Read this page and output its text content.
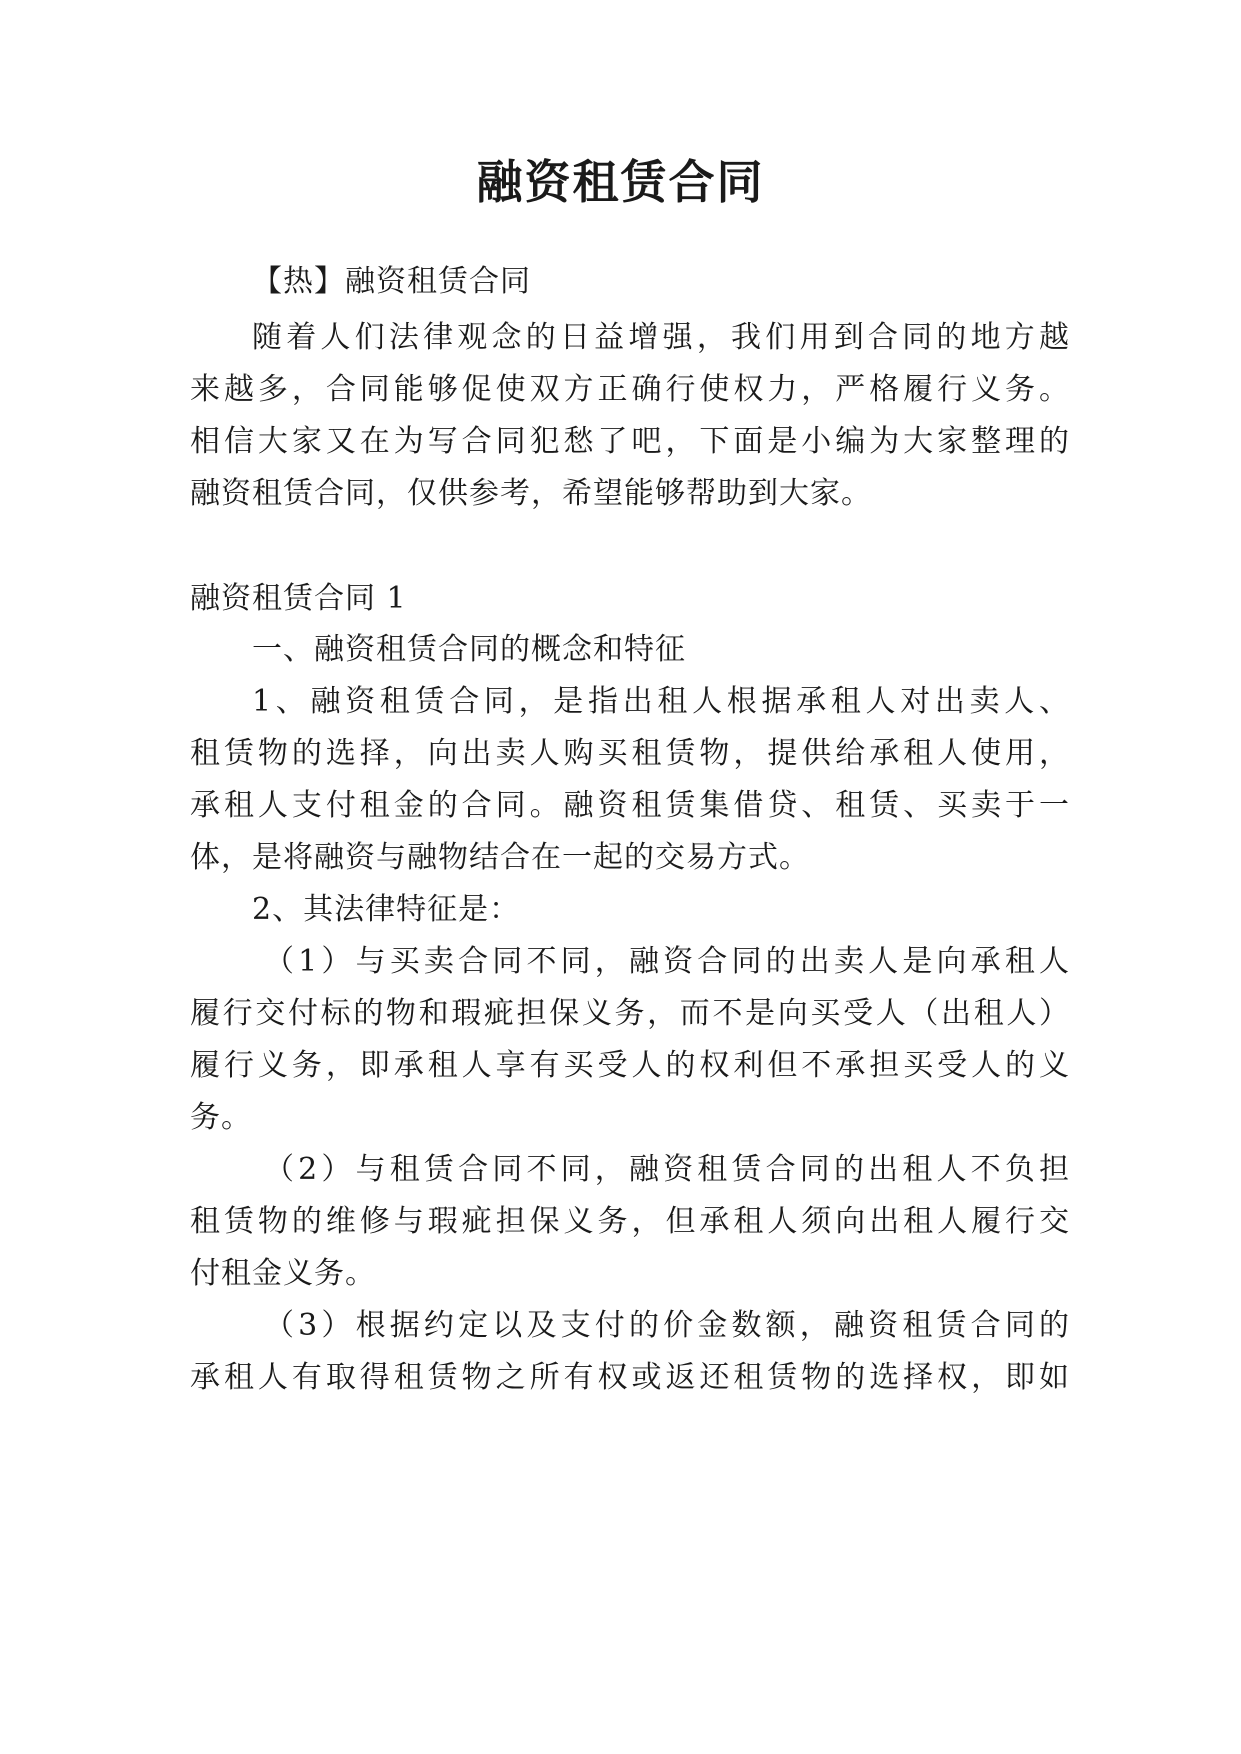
融资租赁合同
【热】融资租赁合同
随着人们法律观念的日益增强，我们用到合同的地方越
来越多，合同能够促使双方正确行使权力，严格履行义务。
相信大家又在为写合同犯愁了吧，下面是小编为大家整理的
融资租赁合同，仅供参考，希望能够帮助到大家。
融资租赁合同 1
一、融资租赁合同的概念和特征
1、融资租赁合同，是指出租人根据承租人对出卖人、
租赁物的选择，向出卖人购买租赁物，提供给承租人使用，
承租人支付租金的合同。融资租赁集借贷、租赁、买卖于一
体，是将融资与融物结合在一起的交易方式。
2、其法律特征是：
（1）与买卖合同不同，融资合同的出卖人是向承租人
履行交付标的物和瑕疵担保义务，而不是向买受人（出租人）
履行义务，即承租人享有买受人的权利但不承担买受人的义
务。
（2）与租赁合同不同，融资租赁合同的出租人不负担
租赁物的维修与瑕疵担保义务，但承租人须向出租人履行交
付租金义务。
（3）根据约定以及支付的价金数额，融资租赁合同的
承租人有取得租赁物之所有权或返还租赁物的选择权，即如
